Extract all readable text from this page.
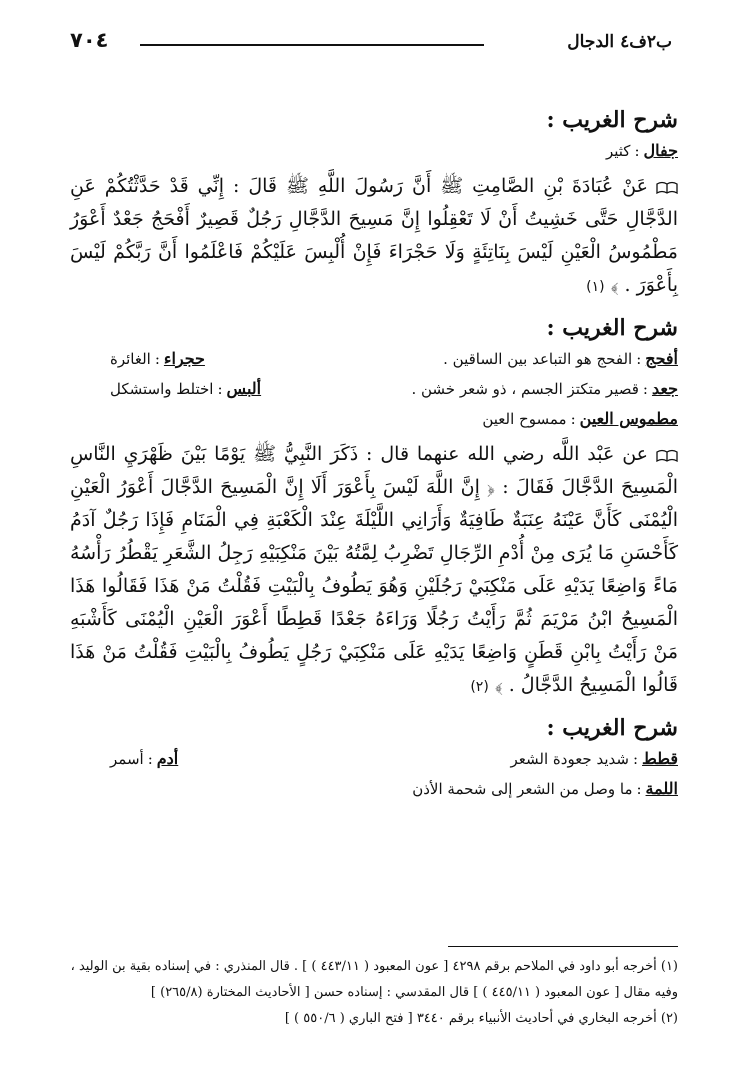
ب٢ف٤ الدجال
٧٠٤
شرح الغريب :
جفال:كثير

عَنْ عُبَادَةَ بْنِ الصَّامِتِ ﷺ أَنَّ رَسُولَ اللَّهِ ﷺ قَالَ : إِنِّي قَدْ حَدَّثْتُكُمْ عَنِ الدَّجَّالِ حَتَّى خَشِيتُ أَنْ لَا تَعْقِلُوا إِنَّ مَسِيحَ الدَّجَّالِ رَجُلٌ قَصِيرٌ أَفْحَجُ جَعْدٌ أَعْوَرُ مَطْمُوسُ الْعَيْنِ لَيْسَ بِنَاتِئَةٍ وَلَا حَجْرَاءَ فَإِنْ أُلْبِسَ عَلَيْكُمْ فَاعْلَمُوا أَنَّ رَبَّكُمْ لَيْسَ بِأَعْوَرَ . ﴾ (١)

شرح الغريب :
أفحج:الفحج هو التباعد بين الساقين .
حجراء:الغائرة
جعد:قصير متكتز الجسم ، ذو شعر خشن .
ألبس:اختلط واستشكل
مطموس العين:ممسوح العين

عن عَبْد اللَّه رضي الله عنهما قال : ذَكَرَ النَّبِيُّ ﷺ يَوْمًا بَيْنَ ظَهْرَيِ النَّاسِ الْمَسِيحَ الدَّجَّالَ فَقَالَ : ﴿ إِنَّ اللَّهَ لَيْسَ بِأَعْوَرَ أَلَا إِنَّ الْمَسِيحَ الدَّجَّالَ أَعْوَرُ الْعَيْنِ الْيُمْنَى كَأَنَّ عَيْنَهُ عِنَبَةٌ طَافِيَةٌ وَأَرَانِي اللَّيْلَةَ عِنْدَ الْكَعْبَةِ فِي الْمَنَامِ فَإِذَا رَجُلٌ آدَمُ كَأَحْسَنِ مَا يُرَى مِنْ أُدْمِ الرِّجَالِ تَضْرِبُ لِمَّتُهُ بَيْنَ مَنْكِبَيْهِ رَجِلُ الشَّعَرِ يَقْطُرُ رَأْسُهُ مَاءً وَاضِعًا يَدَيْهِ عَلَى مَنْكِبَيْ رَجُلَيْنِ وَهُوَ يَطُوفُ بِالْبَيْتِ فَقُلْتُ مَنْ هَذَا فَقَالُوا هَذَا الْمَسِيحُ ابْنُ مَرْيَمَ ثُمَّ رَأَيْتُ رَجُلًا وَرَاءَهُ جَعْدًا قَطِطًا أَعْوَرَ الْعَيْنِ الْيُمْنَى كَأَشْبَهِ مَنْ رَأَيْتُ بِابْنِ قَطَنٍ وَاضِعًا يَدَيْهِ عَلَى مَنْكِبَيْ رَجُلٍ يَطُوفُ بِالْبَيْتِ فَقُلْتُ مَنْ هَذَا قَالُوا الْمَسِيحُ الدَّجَّالُ . ﴾ (٢)

شرح الغريب :
قطط:شديد جعودة الشعر
أدم:أسمر
اللمة:ما وصل من الشعر إلى شحمة الأذن
(١) أخرجه أبو داود في الملاحم برقم ٤٢٩٨ [ عون المعبود ( ٤٤٣/١١ ) ] . قال المنذري : في إسناده بقية بن الوليد ، وفيه مقال [ عون المعبود ( ٤٤٥/١١ ) ] قال المقدسي : إسناده حسن [ الأحاديث المختارة (٢٦٥/٨) ]
(٢) أخرجه البخاري في أحاديث الأنبياء برقم ٣٤٤٠ [ فتح الباري ( ٥٥٠/٦ ) ]
